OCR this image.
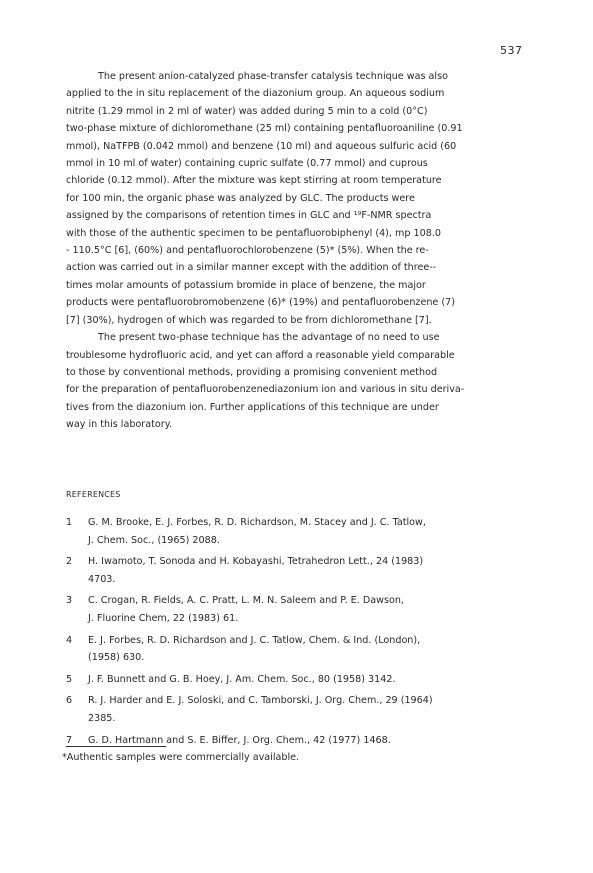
537

The present anion-catalyzed phase-transfer catalysis technique was also
applied to the in situ replacement of the diazonium group. An aqueous sodium
nitrite (1.29 mmol in 2 ml of water) was added during 5 min to a cold (0°C)
two-phase mixture of dichloromethane (25 ml) containing pentafluoroaniline (0.91
mmol), NaTFPB (0.042 mmol) and benzene (10 ml) and aqueous sulfuric acid (60
mmol in 10 ml of water) containing cupric sulfate (0.77 mmol) and cuprous
chloride (0.12 mmol). After the mixture was kept stirring at room temperature
for 100 min, the organic phase was analyzed by GLC. The products were
assigned by the comparisons of retention times in GLC and ¹⁹F-NMR spectra
with those of the authentic specimen to be pentafluorobiphenyl (4), mp 108.0
- 110.5°C [6], (60%) and pentafluorochlorobenzene (5)* (5%). When the re-
action was carried out in a similar manner except with the addition of three--
times molar amounts of potassium bromide in place of benzene, the major
products were pentafluorobromobenzene (6)* (19%) and pentafluorobenzene (7)
[7] (30%), hydrogen of which was regarded to be from dichloromethane [7].

The present two-phase technique has the advantage of no need to use
troublesome hydrofluoric acid, and yet can afford a reasonable yield comparable
to those by conventional methods, providing a promising convenient method
for the preparation of pentafluorobenzenediazonium ion and various in situ deriva-
tives from the diazonium ion. Further applications of this technique are under
way in this laboratory.

REFERENCES
1	G. M. Brooke, E. J. Forbes, R. D. Richardson, M. Stacey and J. C. Tatlow,
J. Chem. Soc., (1965) 2088.
2	H. Iwamoto, T. Sonoda and H. Kobayashi, Tetrahedron Lett., 24 (1983)
4703.
3	C. Crogan, R. Fields, A. C. Pratt, L. M. N. Saleem and P. E. Dawson,
J. Fluorine Chem, 22 (1983) 61.
4	E. J. Forbes, R. D. Richardson and J. C. Tatlow, Chem. & Ind. (London),
(1958) 630.
5	J. F. Bunnett and G. B. Hoey, J. Am. Chem. Soc., 80 (1958) 3142.
6	R. J. Harder and E. J. Soloski, and C. Tamborski, J. Org. Chem., 29 (1964)
2385.
7	G. D. Hartmann and S. E. Biffer, J. Org. Chem., 42 (1977) 1468.
*Authentic samples were commercially available.
